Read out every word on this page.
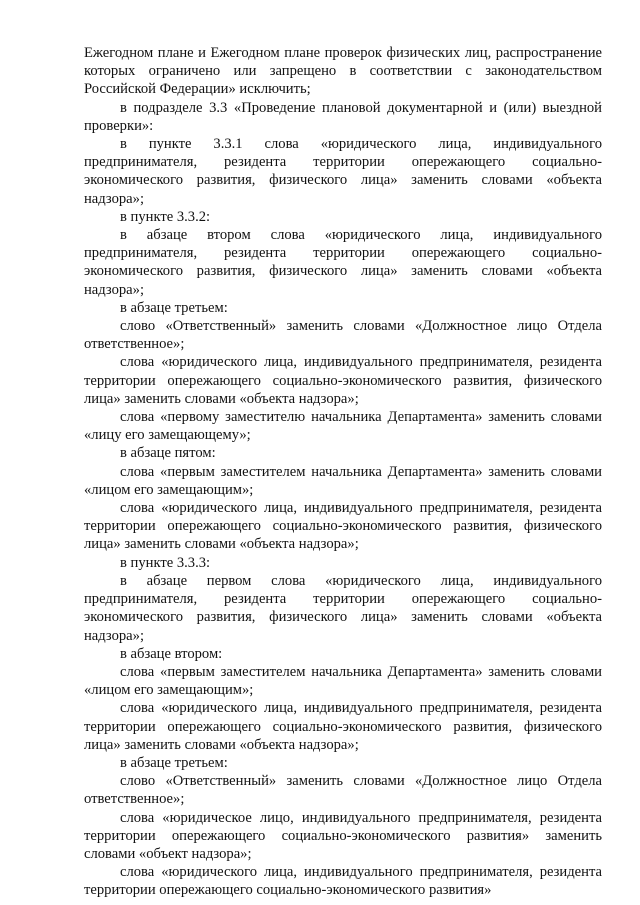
Ежегодном плане и Ежегодном плане проверок физических лиц, распространение которых ограничено или запрещено в соответствии с законодательством Российской Федерации» исключить;

в подразделе 3.3 «Проведение плановой документарной и (или) выездной проверки»:

в пункте 3.3.1 слова «юридического лица, индивидуального предпринимателя, резидента территории опережающего социально-экономического развития, физического лица» заменить словами «объекта надзора»;

в пункте 3.3.2:

в абзаце втором слова «юридического лица, индивидуального предпринимателя, резидента территории опережающего социально-экономического развития, физического лица» заменить словами «объекта надзора»;

в абзаце третьем:

слово «Ответственный» заменить словами «Должностное лицо Отдела ответственное»;

слова «юридического лица, индивидуального предпринимателя, резидента территории опережающего социально-экономического развития, физического лица» заменить словами «объекта надзора»;

слова «первому заместителю начальника Департамента» заменить словами «лицу его замещающему»;

в абзаце пятом:

слова «первым заместителем начальника Департамента» заменить словами «лицом его замещающим»;

слова «юридического лица, индивидуального предпринимателя, резидента территории опережающего социально-экономического развития, физического лица» заменить словами «объекта надзора»;

в пункте 3.3.3:

в абзаце первом слова «юридического лица, индивидуального предпринимателя, резидента территории опережающего социально-экономического развития, физического лица» заменить словами «объекта надзора»;

в абзаце втором:

слова «первым заместителем начальника Департамента» заменить словами «лицом его замещающим»;

слова «юридического лица, индивидуального предпринимателя, резидента территории опережающего социально-экономического развития, физического лица» заменить словами «объекта надзора»;

в абзаце третьем:

слово «Ответственный» заменить словами «Должностное лицо Отдела ответственное»;

слова «юридическое лицо, индивидуального предпринимателя, резидента территории опережающего социально-экономического развития» заменить словами «объект надзора»;

слова «юридического лица, индивидуального предпринимателя, резидента территории опережающего социально-экономического развития»
